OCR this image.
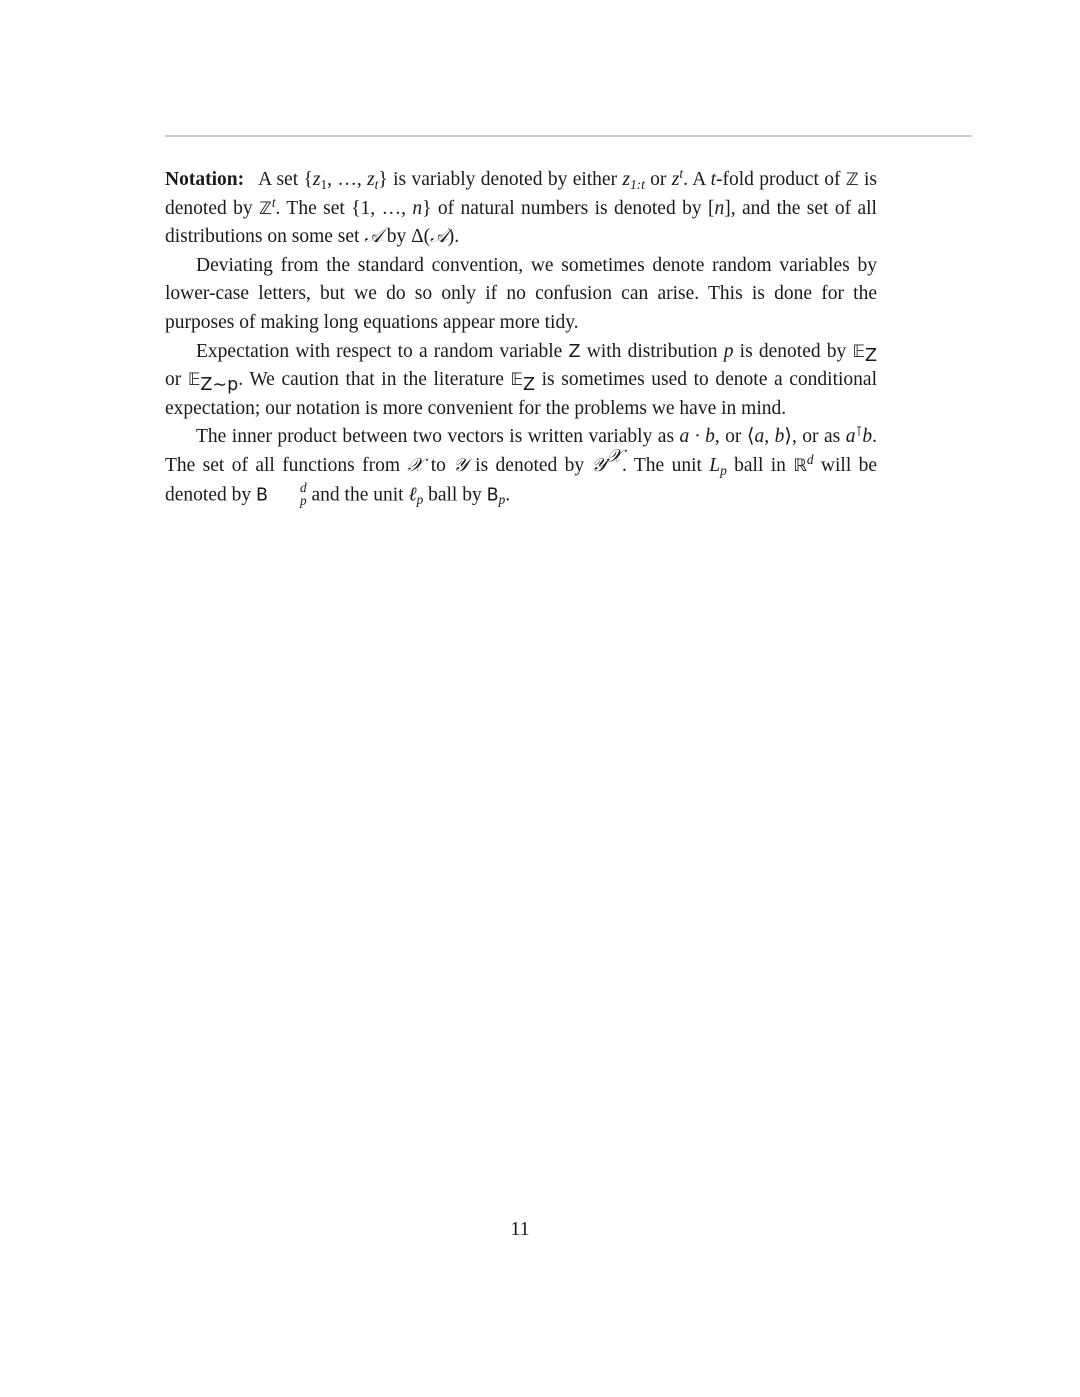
Notation: A set {$z_1$, …, $z_t$} is variably denoted by either $z_{1:t}$ or $z^t$. A t-fold product of ℤ is denoted by ℤ$^t$. The set {1, …, n} of natural numbers is denoted by [n], and the set of all distributions on some set 𝒜 by Δ(𝒜).

Deviating from the standard convention, we sometimes denote random variables by lower-case letters, but we do so only if no confusion can arise. This is done for the purposes of making long equations appear more tidy.

Expectation with respect to a random variable Z with distribution p is denoted by 𝔼$_Z$ or 𝔼$_{Z\sim p}$. We caution that in the literature 𝔼$_Z$ is sometimes used to denote a conditional expectation; our notation is more convenient for the problems we have in mind.

The inner product between two vectors is written variably as a · b, or ⟨a, b⟩, or as a⊺b. The set of all functions from 𝒳 to 𝒴 is denoted by 𝒴$^𝒳$. The unit $L_p$ ball in ℝ$^d$ will be denoted by B	d
p and the unit ℓ$_p$ ball by $B_p$.

11
